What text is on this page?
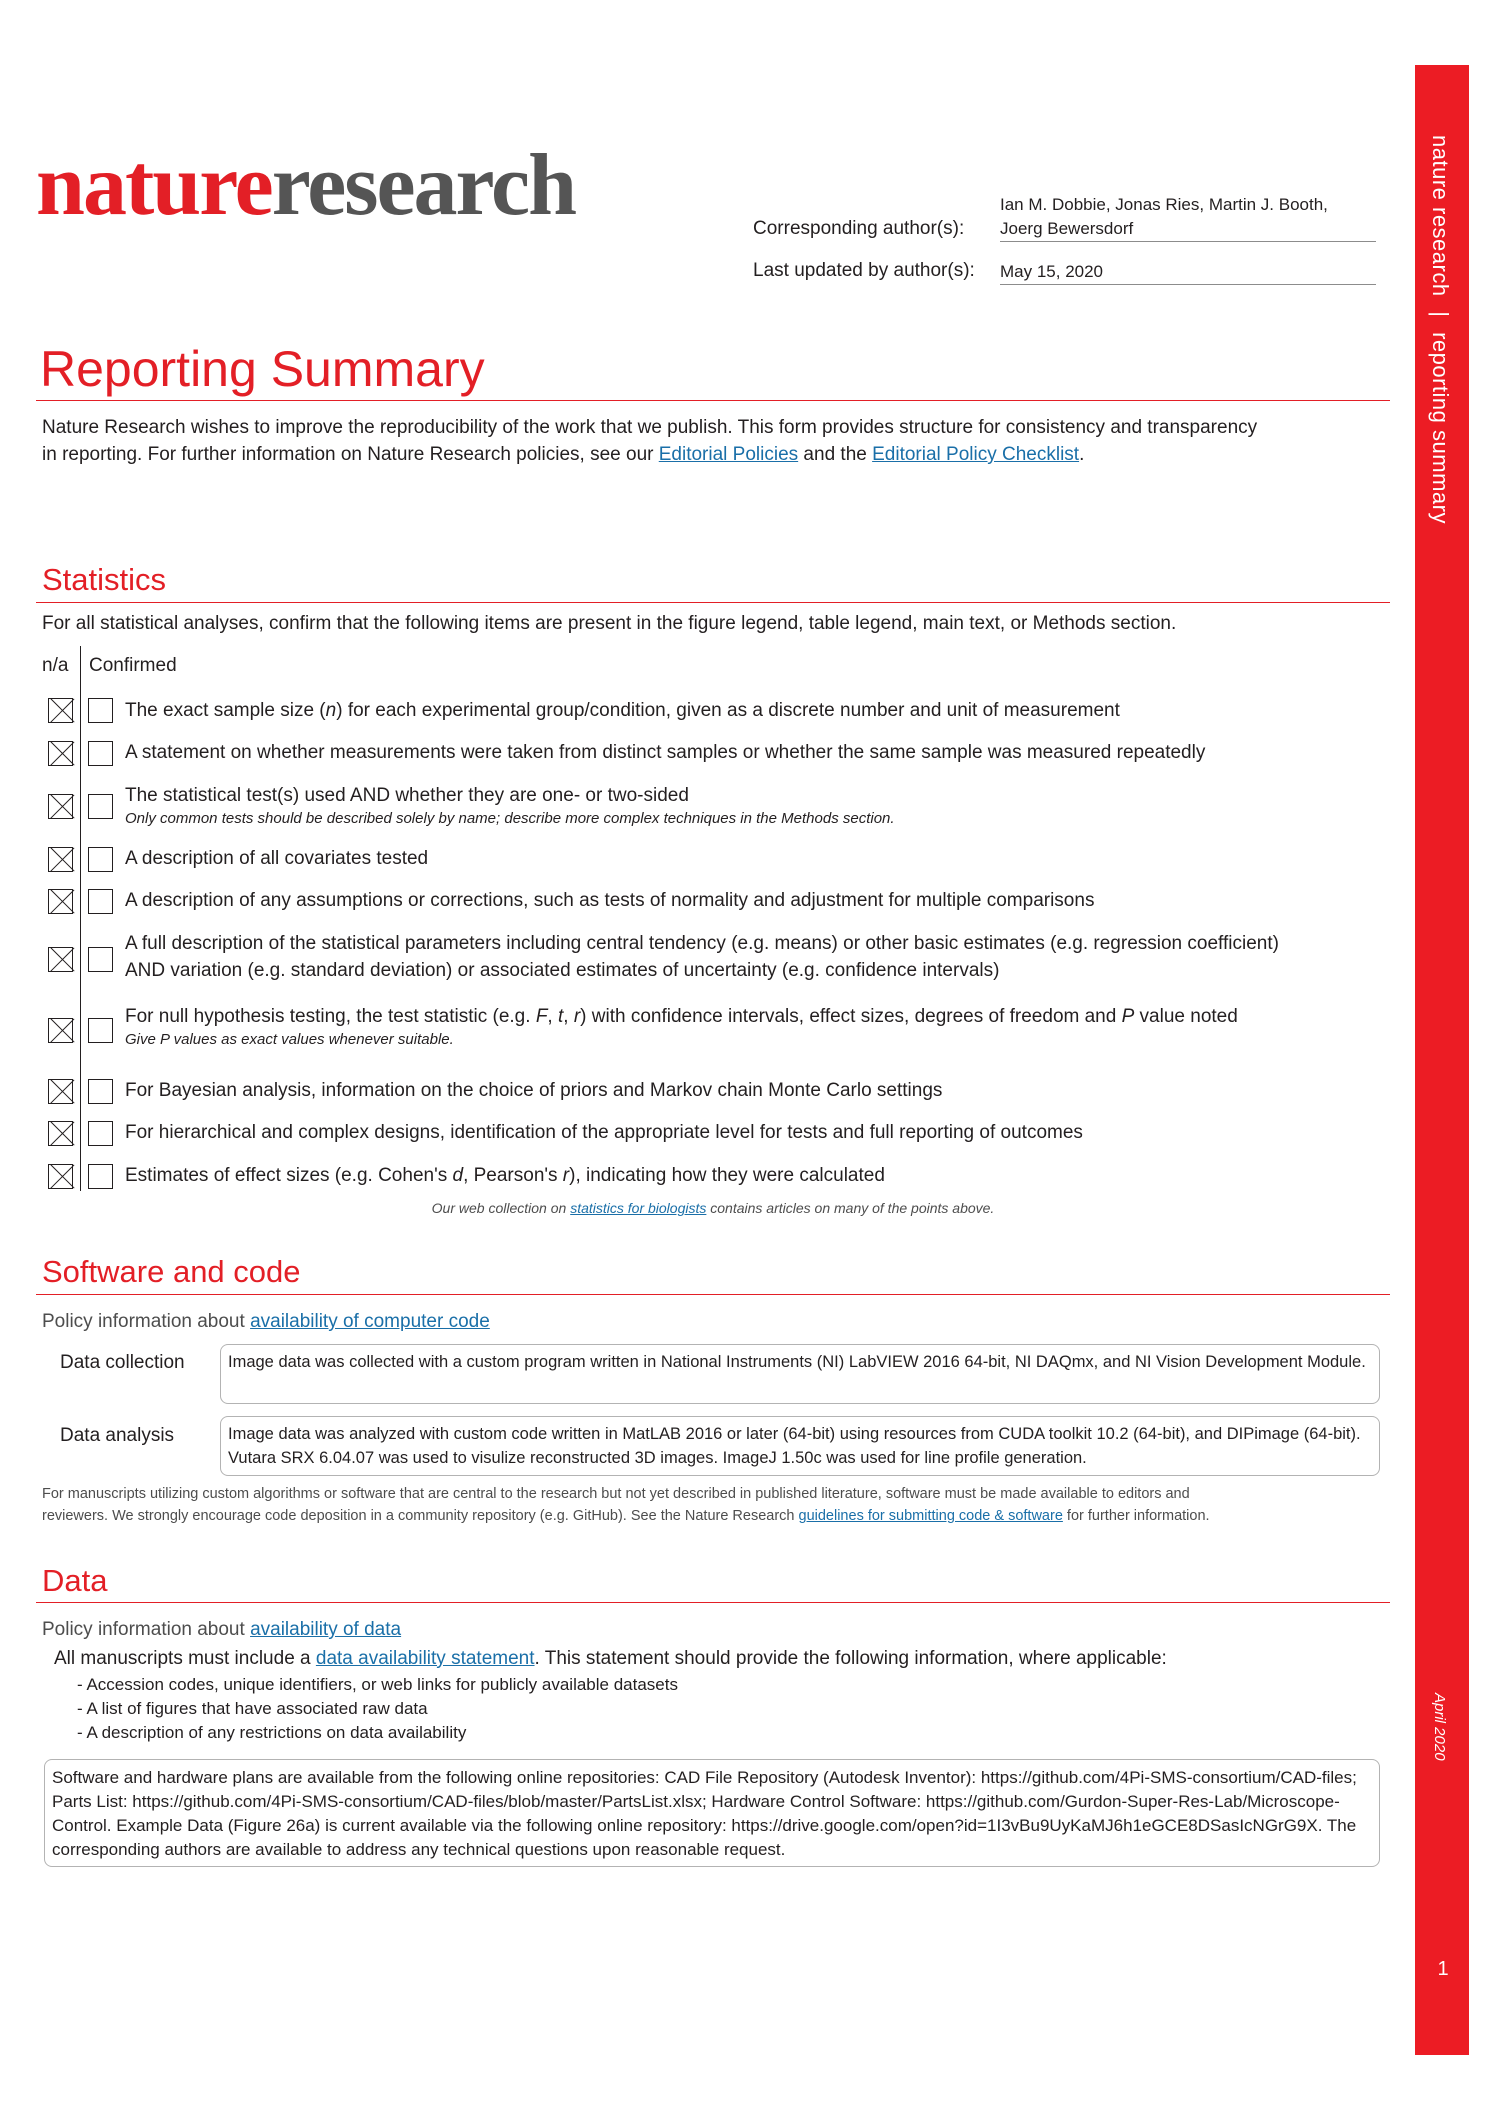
nature research | reporting summary
April 2020
1
natureresearch	Corresponding author(s):
Ian M. Dobbie, Jonas Ries, Martin J. Booth,
Joerg Bewersdorf
Last updated by author(s): May 15, 2020
Reporting Summary
Nature Research wishes to improve the reproducibility of the work that we publish. This form provides structure for consistency and transparency
in reporting. For further information on Nature Research policies, see our Editorial Policies and the Editorial Policy Checklist.
Statistics
For all statistical analyses, confirm that the following items are present in the figure legend, table legend, main text, or Methods section.
n/a Confirmed
The exact sample size (n) for each experimental group/condition, given as a discrete number and unit of measurement
A statement on whether measurements were taken from distinct samples or whether the same sample was measured repeatedly
The statistical test(s) used AND whether they are one- or two-sided
Only common tests should be described solely by name; describe more complex techniques in the Methods section.
A description of all covariates tested
A description of any assumptions or corrections, such as tests of normality and adjustment for multiple comparisons
A full description of the statistical parameters including central tendency (e.g. means) or other basic estimates (e.g. regression coefficient)
AND variation (e.g. standard deviation) or associated estimates of uncertainty (e.g. confidence intervals)
For null hypothesis testing, the test statistic (e.g. F, t, r) with confidence intervals, effect sizes, degrees of freedom and P value noted
Give P values as exact values whenever suitable.
For Bayesian analysis, information on the choice of priors and Markov chain Monte Carlo settings
For hierarchical and complex designs, identification of the appropriate level for tests and full reporting of outcomes
Estimates of effect sizes (e.g. Cohen's d, Pearson's r), indicating how they were calculated
Our web collection on statistics for biologists contains articles on many of the points above.
Software and code
Policy information about availability of computer code
Data collection	Image data was collected with a custom program written in National Instruments (NI) LabVIEW 2016 64-bit, NI DAQmx, and NI Vision Development Module.
Data analysis	Image data was analyzed with custom code written in MatLAB 2016 or later (64-bit) using resources from CUDA toolkit 10.2 (64-bit), and DIPimage (64-bit). Vutara SRX 6.04.07 was used to visulize reconstructed 3D images. ImageJ 1.50c was used for line profile generation.
For manuscripts utilizing custom algorithms or software that are central to the research but not yet described in published literature, software must be made available to editors and
reviewers. We strongly encourage code deposition in a community repository (e.g. GitHub). See the Nature Research guidelines for submitting code & software for further information.
Data
Policy information about availability of data
All manuscripts must include a data availability statement. This statement should provide the following information, where applicable:
- Accession codes, unique identifiers, or web links for publicly available datasets
- A list of figures that have associated raw data
- A description of any restrictions on data availability
Software and hardware plans are available from the following online repositories: CAD File Repository (Autodesk Inventor): https://github.com/4Pi-SMS-consortium/CAD-files; Parts List: https://github.com/4Pi-SMS-consortium/CAD-files/blob/master/PartsList.xlsx; Hardware Control Software: https://github.com/Gurdon-Super-Res-Lab/Microscope-Control. Example Data (Figure 26a) is current available via the following online repository: https://drive.google.com/open?id=1I3vBu9UyKaMJ6h1eGCE8DSasIcNGrG9X. The corresponding authors are available to address any technical questions upon reasonable request.
